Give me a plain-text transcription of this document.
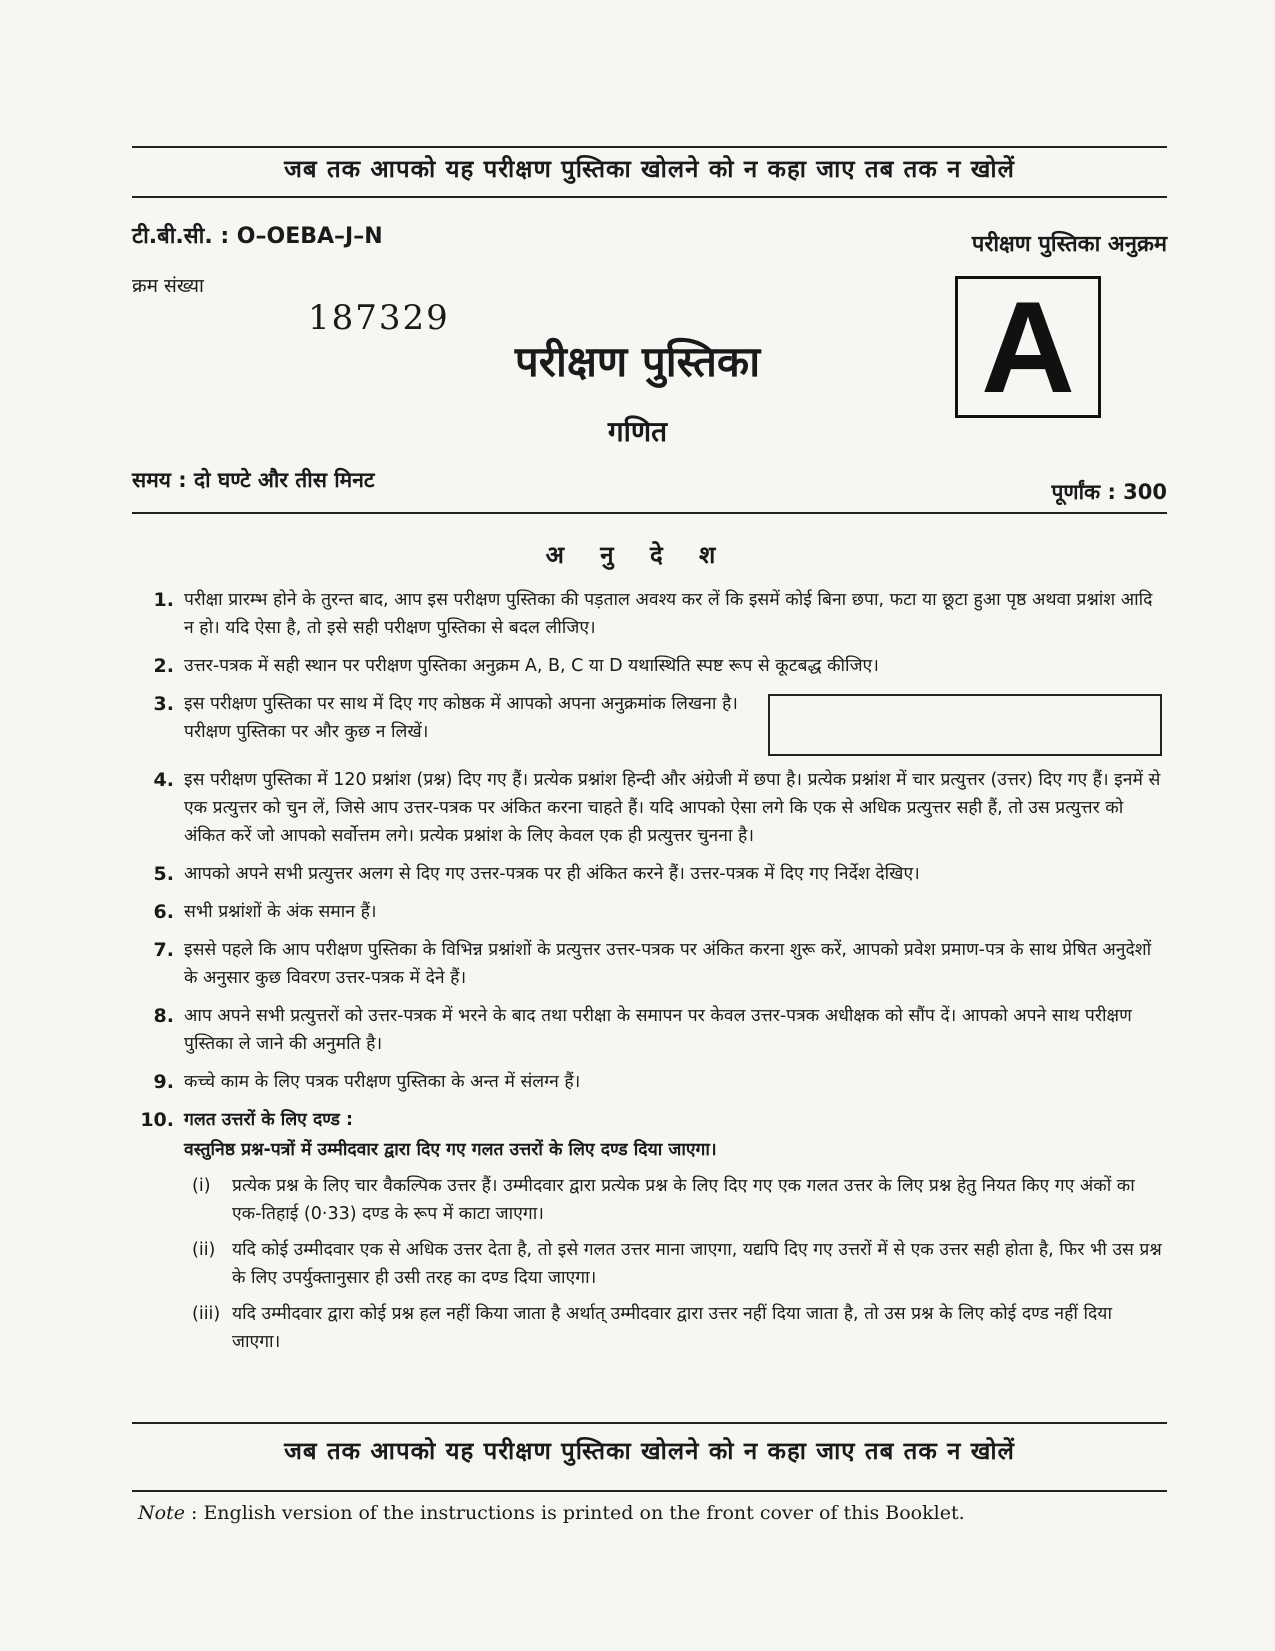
जब तक आपको यह परीक्षण पुस्तिका खोलने को न कहा जाए तब तक न खोलें
टी.बी.सी. : O–OEBA–J–N	परीक्षण पुस्तिका अनुक्रम
क्रम संख्या
187329
परीक्षण पुस्तिका
गणित
A
समय : दो घण्टे और तीस मिनट	पूर्णांक : 300
अ नु दे श
1. परीक्षा प्रारम्भ होने के तुरन्त बाद, आप इस परीक्षण पुस्तिका की पड़ताल अवश्य कर लें कि इसमें कोई बिना छपा, फटा या छूटा हुआ पृष्ठ अथवा प्रश्नांश आदि न हो। यदि ऐसा है, तो इसे सही परीक्षण पुस्तिका से बदल लीजिए।
2. उत्तर-पत्रक में सही स्थान पर परीक्षण पुस्तिका अनुक्रम A, B, C या D यथास्थिति स्पष्ट रूप से कूटबद्ध कीजिए।
3. इस परीक्षण पुस्तिका पर साथ में दिए गए कोष्ठक में आपको अपना अनुक्रमांक लिखना है। परीक्षण पुस्तिका पर और कुछ न लिखें।
4. इस परीक्षण पुस्तिका में 120 प्रश्नांश (प्रश्न) दिए गए हैं। प्रत्येक प्रश्नांश हिन्दी और अंग्रेजी में छपा है। प्रत्येक प्रश्नांश में चार प्रत्युत्तर (उत्तर) दिए गए हैं। इनमें से एक प्रत्युत्तर को चुन लें, जिसे आप उत्तर-पत्रक पर अंकित करना चाहते हैं। यदि आपको ऐसा लगे कि एक से अधिक प्रत्युत्तर सही हैं, तो उस प्रत्युत्तर को अंकित करें जो आपको सर्वोत्तम लगे। प्रत्येक प्रश्नांश के लिए केवल एक ही प्रत्युत्तर चुनना है।
5. आपको अपने सभी प्रत्युत्तर अलग से दिए गए उत्तर-पत्रक पर ही अंकित करने हैं। उत्तर-पत्रक में दिए गए निर्देश देखिए।
6. सभी प्रश्नांशों के अंक समान हैं।
7. इससे पहले कि आप परीक्षण पुस्तिका के विभिन्न प्रश्नांशों के प्रत्युत्तर उत्तर-पत्रक पर अंकित करना शुरू करें, आपको प्रवेश प्रमाण-पत्र के साथ प्रेषित अनुदेशों के अनुसार कुछ विवरण उत्तर-पत्रक में देने हैं।
8. आप अपने सभी प्रत्युत्तरों को उत्तर-पत्रक में भरने के बाद तथा परीक्षा के समापन पर केवल उत्तर-पत्रक अधीक्षक को सौंप दें। आपको अपने साथ परीक्षण पुस्तिका ले जाने की अनुमति है।
9. कच्चे काम के लिए पत्रक परीक्षण पुस्तिका के अन्त में संलग्न हैं।
10. गलत उत्तरों के लिए दण्ड :
वस्तुनिष्ठ प्रश्न-पत्रों में उम्मीदवार द्वारा दिए गए गलत उत्तरों के लिए दण्ड दिया जाएगा।
(i)	प्रत्येक प्रश्न के लिए चार वैकल्पिक उत्तर हैं। उम्मीदवार द्वारा प्रत्येक प्रश्न के लिए दिए गए एक गलत उत्तर के लिए प्रश्न हेतु नियत किए गए अंकों का एक-तिहाई (0·33) दण्ड के रूप में काटा जाएगा।
(ii) यदि कोई उम्मीदवार एक से अधिक उत्तर देता है, तो इसे गलत उत्तर माना जाएगा, यद्यपि दिए गए उत्तरों में से एक उत्तर सही होता है, फिर भी उस प्रश्न के लिए उपर्युक्तानुसार ही उसी तरह का दण्ड दिया जाएगा।
(iii) यदि उम्मीदवार द्वारा कोई प्रश्न हल नहीं किया जाता है अर्थात् उम्मीदवार द्वारा उत्तर नहीं दिया जाता है, तो उस प्रश्न के लिए कोई दण्ड नहीं दिया जाएगा।
जब तक आपको यह परीक्षण पुस्तिका खोलने को न कहा जाए तब तक न खोलें
Note : English version of the instructions is printed on the front cover of this Booklet.
